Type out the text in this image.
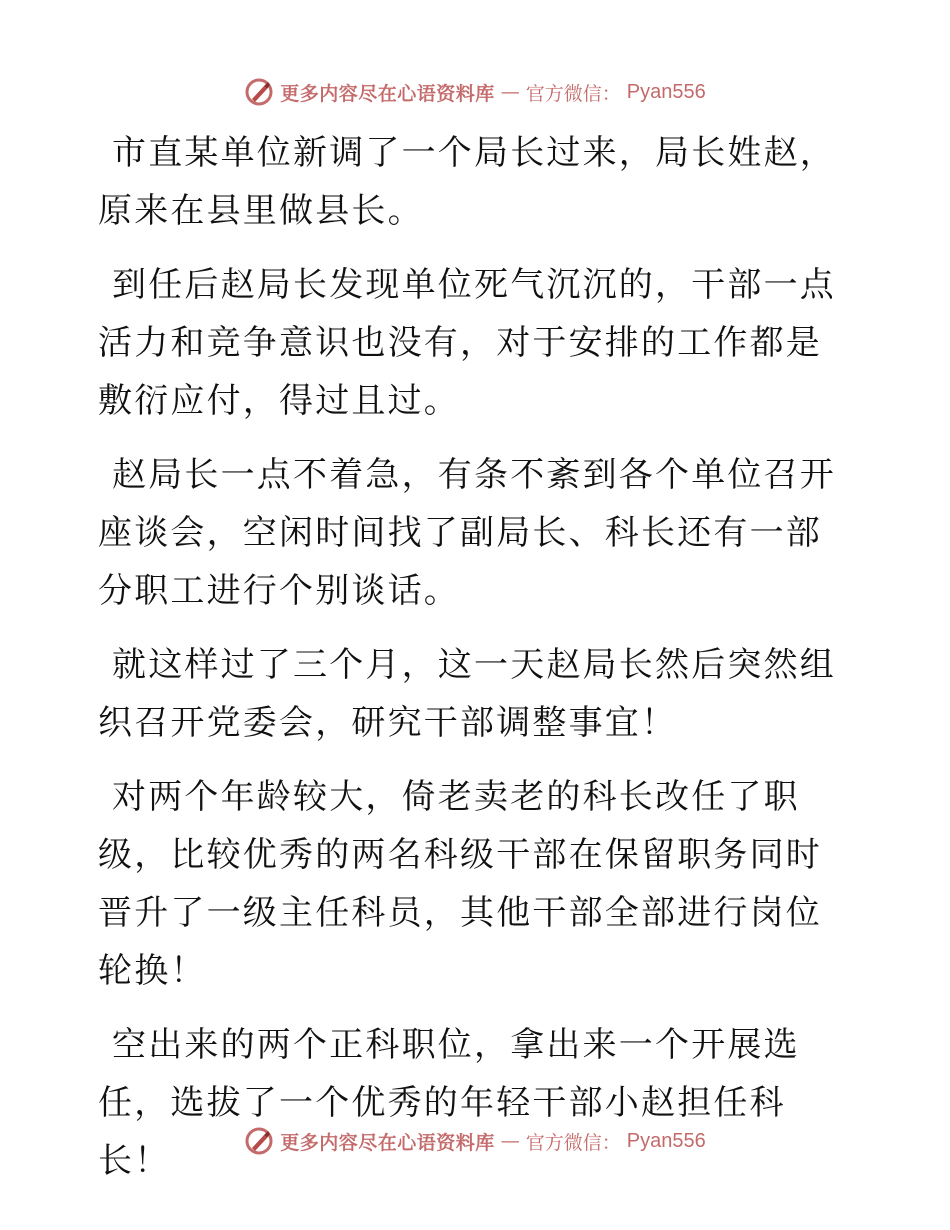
更多内容尽在心语资料库 — 官方微信： Pyan556

市直某单位新调了一个局长过来，局长姓赵，原来在县里做县长。

到任后赵局长发现单位死气沉沉的，干部一点活力和竞争意识也没有，对于安排的工作都是敷衍应付，得过且过。

赵局长一点不着急，有条不紊到各个单位召开座谈会，空闲时间找了副局长、科长还有一部分职工进行个别谈话。

就这样过了三个月，这一天赵局长然后突然组织召开党委会，研究干部调整事宜！

对两个年龄较大，倚老卖老的科长改任了职级，比较优秀的两名科级干部在保留职务同时晋升了一级主任科员，其他干部全部进行岗位轮换！

空出来的两个正科职位，拿出来一个开展选任，选拔了一个优秀的年轻干部小赵担任科长！	更多内容尽在心语资料库 — 官方微信： Pyan556
